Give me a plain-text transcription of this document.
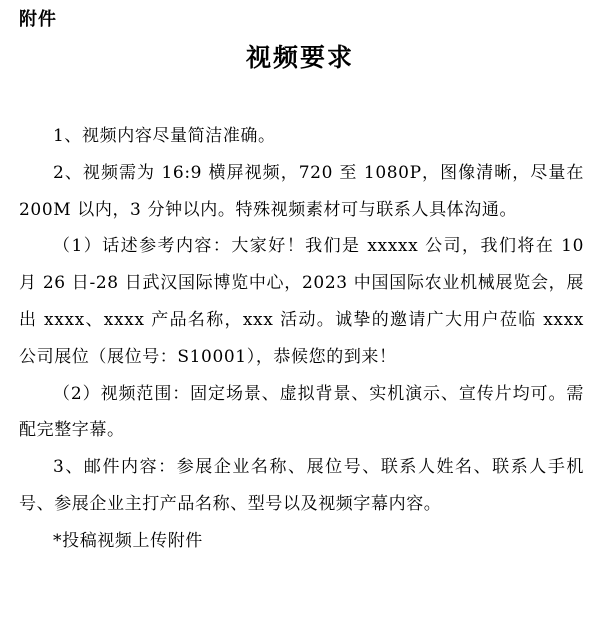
附件
视频要求

1、视频内容尽量简洁准确。

2、视频需为 16:9 横屏视频，720 至 1080P，图像清晰，尽量在 200M 以内，3 分钟以内。特殊视频素材可与联系人具体沟通。

（1）话述参考内容：大家好！我们是 xxxxx 公司，我们将在 10 月 26 日-28 日武汉国际博览中心，2023 中国国际农业机械展览会，展出 xxxx、xxxx 产品名称，xxx 活动。诚挚的邀请广大用户莅临 xxxx 公司展位（展位号：S10001），恭候您的到来！

（2）视频范围：固定场景、虚拟背景、实机演示、宣传片均可。需配完整字幕。

3、邮件内容：参展企业名称、展位号、联系人姓名、联系人手机号、参展企业主打产品名称、型号以及视频字幕内容。

*投稿视频上传附件
